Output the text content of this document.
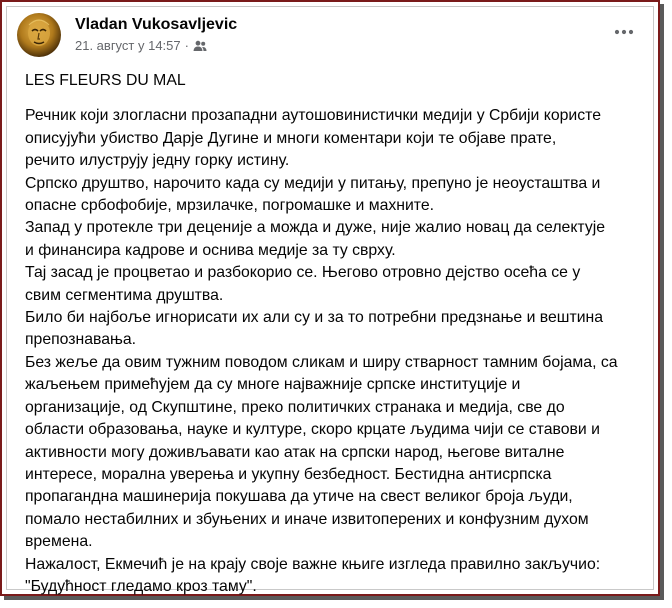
Vladan Vukosavljevic
21. август у 14:57 ·
LES FLEURS DU MAL
Речник који злогласни прозападни аутошовинистички медији у Србији користе
описујући убиство Дарје Дугине и многи коментари који те објаве прате,
речито илуструју једну горку истину.
Српско друштво, нарочито када су медији у питању, препуно је неоусташтва и
опасне србофобије, мрзилачке, погромашке и махните.
Запад у протекле три деценије а можда и дуже, није жалио новац да селектује
и финансира кадрове и оснива медије за ту сврху.
Тај засад је процветао и разбокорио се. Његово отровно дејство осећа се у
свим сегментима друштва.
Било би најбоље игнорисати их али су и за то потребни предзнање и вештина
препознавања.
Без жеље да овим тужним поводом сликам и ширу стварност тамним бојама, са
жаљењем примећујем да су многе најважније српске институције и
организације, од Скупштине, преко политичких странака и медија, све до
области образовања, науке и културе, скоро крцате људима чији се ставови и
активности могу доживљавати као атак на српски народ, његове виталне
интересе, морална уверења и укупну безбедност. Бестидна антисрпска
пропагандна машинерија покушава да утиче на свест великог броја људи,
помало нестабилних и збуњених и иначе извитоперених и конфузним духом
времена.
Нажалост, Екмечић је на крају своје важне књиге изгледа правилно закључио:
"Будућност гледамо кроз таму".
